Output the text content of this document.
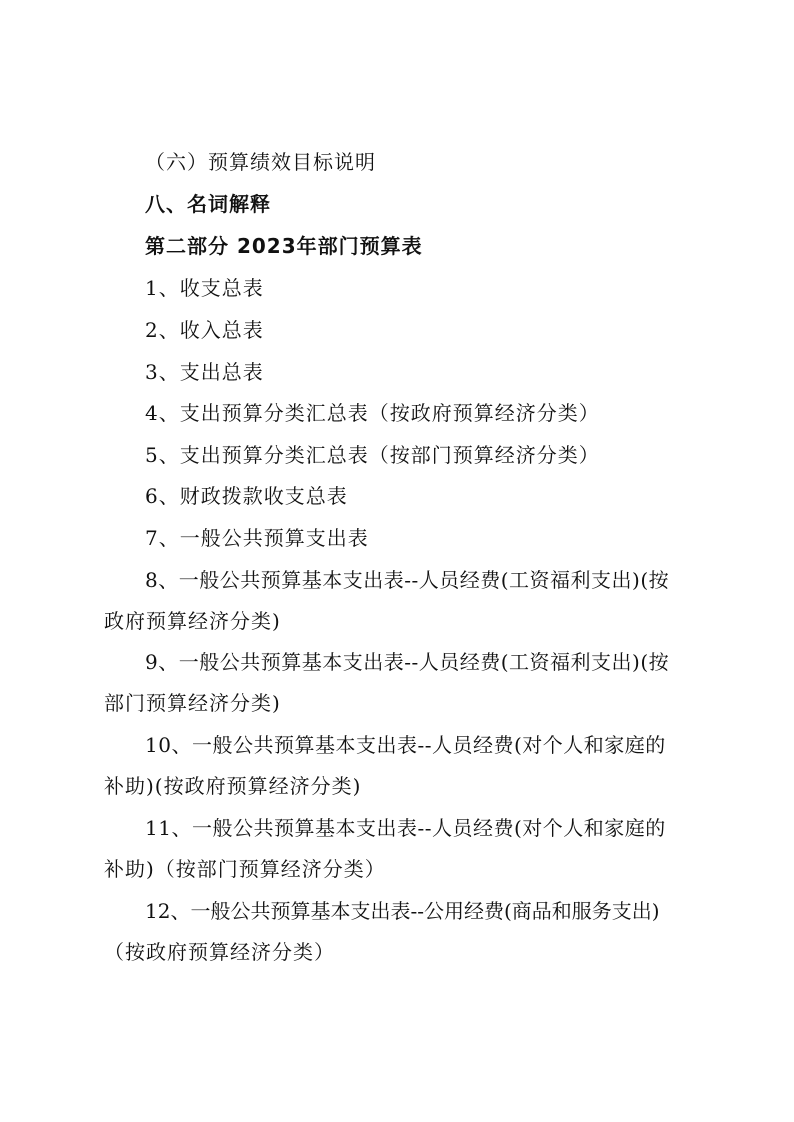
（六）预算绩效目标说明
八、名词解释
第二部分 2023年部门预算表
1、收支总表
2、收入总表
3、支出总表
4、支出预算分类汇总表（按政府预算经济分类）
5、支出预算分类汇总表（按部门预算经济分类）
6、财政拨款收支总表
7、一般公共预算支出表
8、一般公共预算基本支出表--人员经费(工资福利支出)(按
政府预算经济分类)
9、一般公共预算基本支出表--人员经费(工资福利支出)(按
部门预算经济分类)
10、一般公共预算基本支出表--人员经费(对个人和家庭的
补助)(按政府预算经济分类)
11、一般公共预算基本支出表--人员经费(对个人和家庭的
补助)（按部门预算经济分类）
12、一般公共预算基本支出表--公用经费(商品和服务支出)
（按政府预算经济分类）
